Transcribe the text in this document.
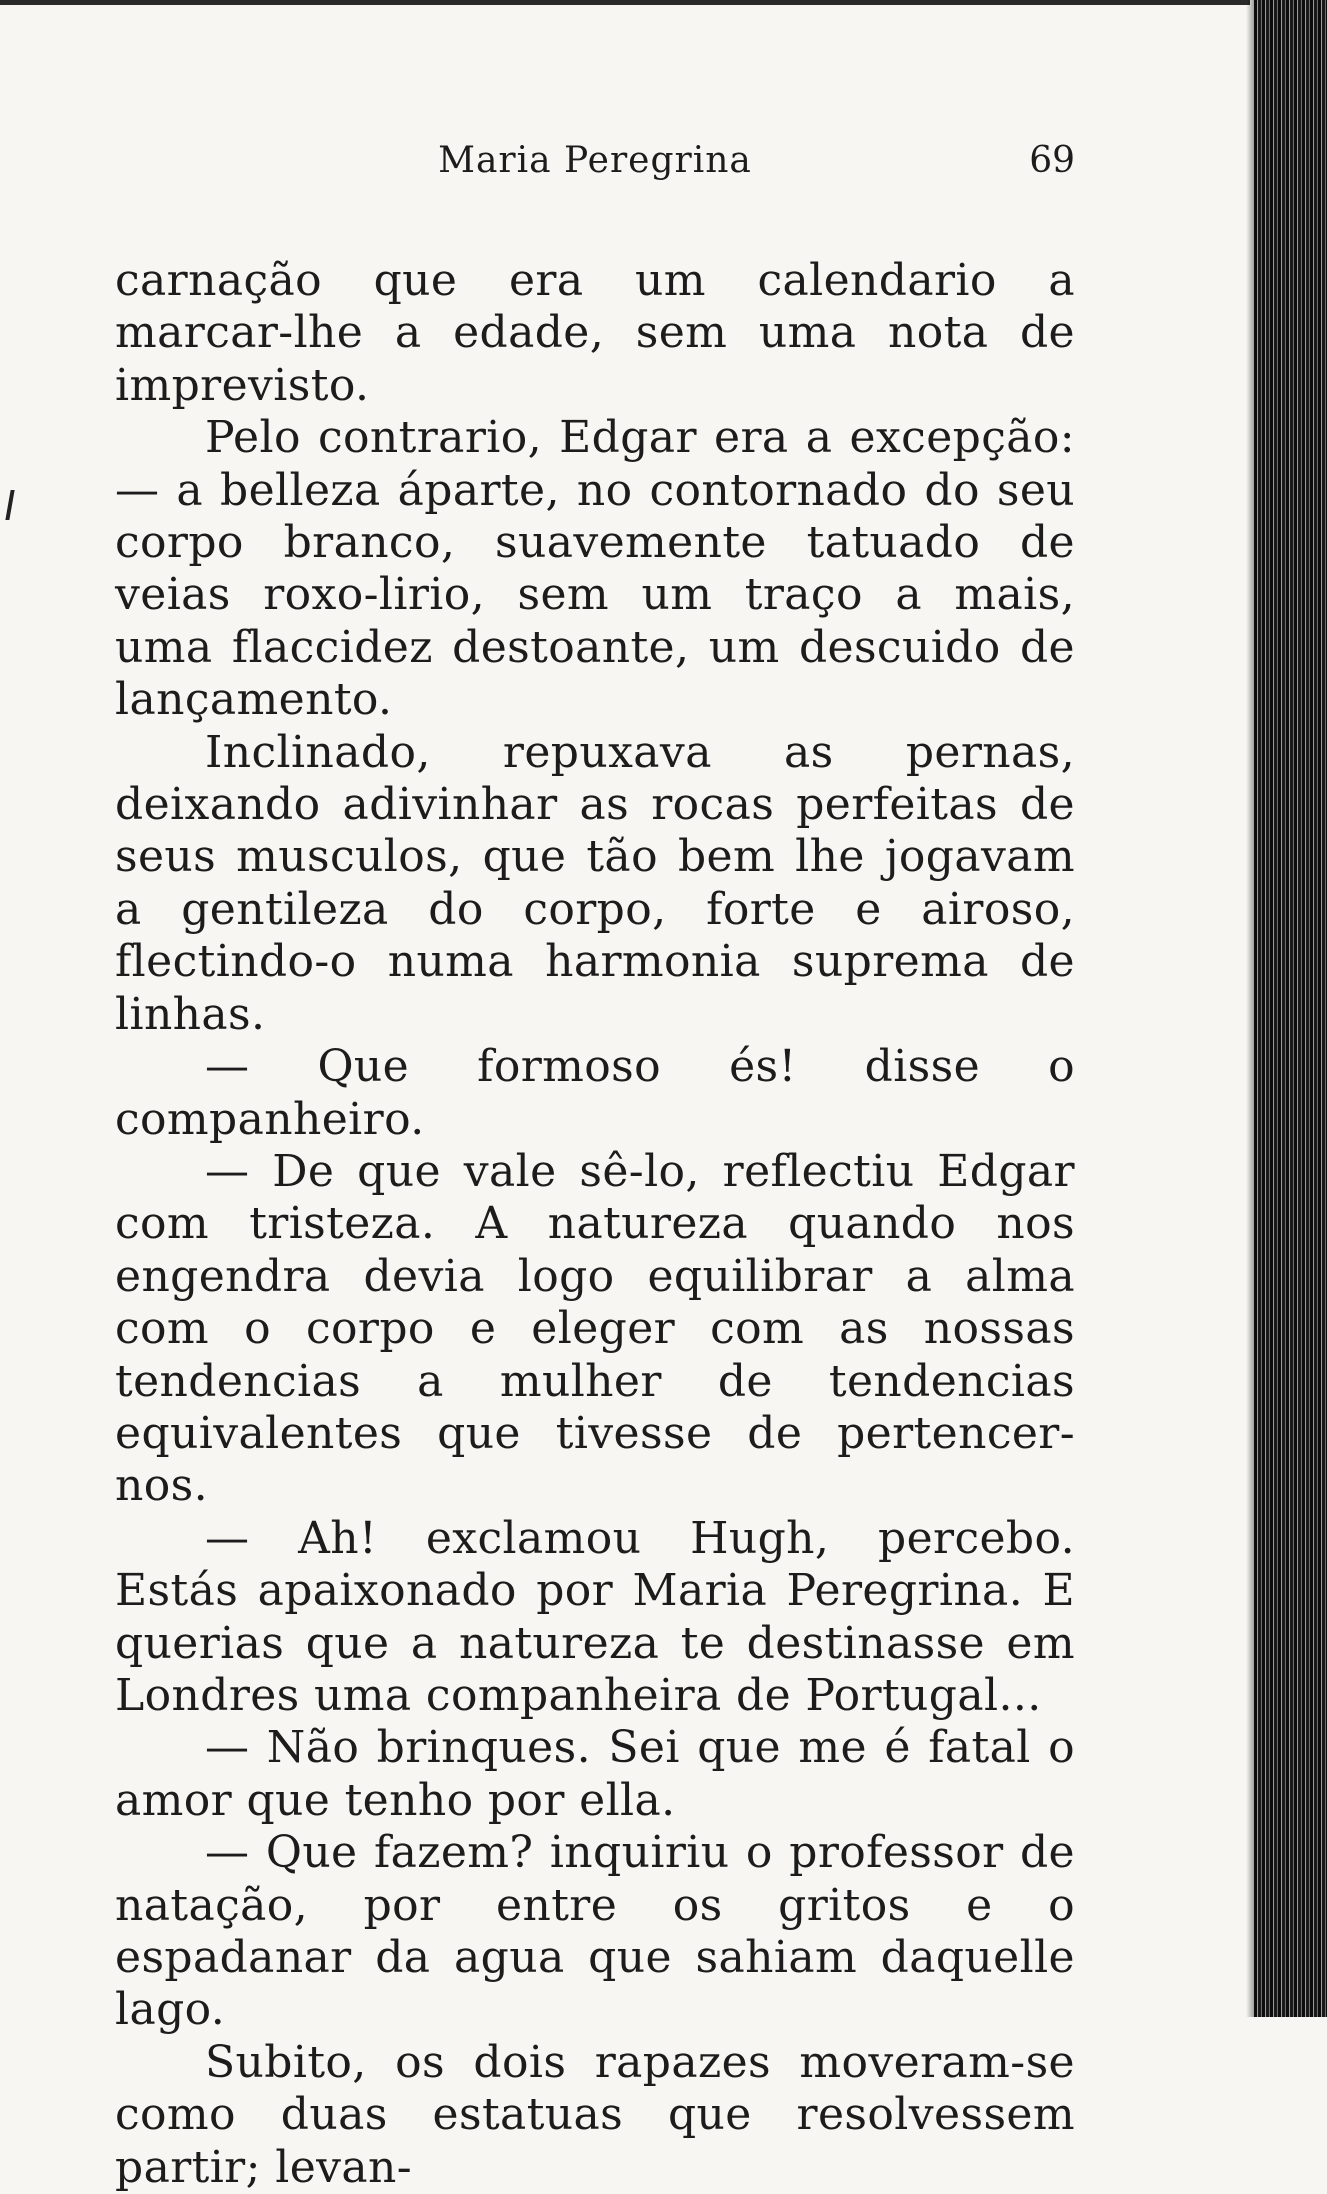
Maria Peregrina	69

carnação que era um calendario a marcar-lhe a edade, sem uma nota de imprevisto.

Pelo contrario, Edgar era a excepção: — a belleza áparte, no contornado do seu corpo branco, suavemente tatuado de veias roxo-lirio, sem um traço a mais, uma flaccidez destoante, um descuido de lançamento.

Inclinado, repuxava as pernas, deixando adivinhar as rocas perfeitas de seus musculos, que tão bem lhe jogavam a gentileza do corpo, forte e airoso, flectindo-o numa harmonia suprema de linhas.

— Que formoso és! disse o companheiro.

— De que vale sê-lo, reflectiu Edgar com tristeza. A natureza quando nos engendra devia logo equilibrar a alma com o corpo e eleger com as nossas tendencias a mulher de tendencias equivalentes que tivesse de pertencer-nos.

— Ah! exclamou Hugh, percebo. Estás apaixonado por Maria Peregrina. E querias que a natureza te destinasse em Londres uma companheira de Portugal...

— Não brinques. Sei que me é fatal o amor que tenho por ella.

— Que fazem? inquiriu o professor de natação, por entre os gritos e o espadanar da agua que sahiam daquelle lago.

Subito, os dois rapazes moveram-se como duas estatuas que resolvessem partir; levan-
